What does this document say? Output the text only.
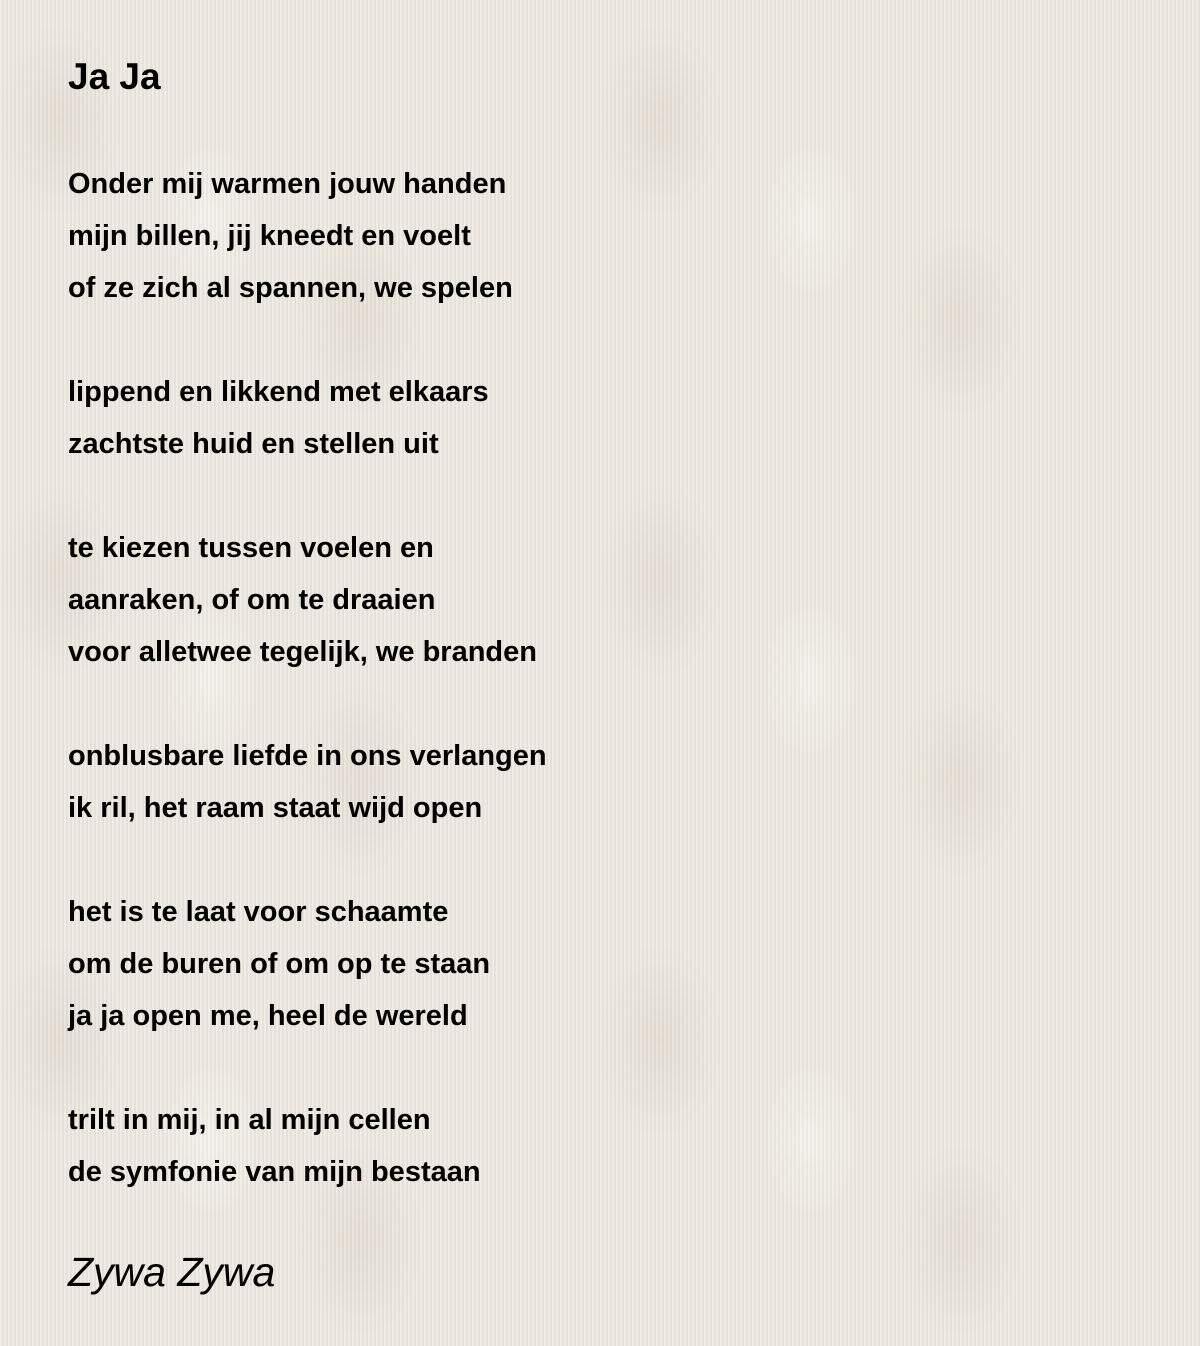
Ja Ja
Onder mij warmen jouw handen
mijn billen, jij kneedt en voelt
of ze zich al spannen, we spelen
lippend en likkend met elkaars
zachtste huid en stellen uit
te kiezen tussen voelen en
aanraken, of om te draaien
voor alletwee tegelijk, we branden
onblusbare liefde in ons verlangen
ik ril, het raam staat wijd open
het is te laat voor schaamte
om de buren of om op te staan
ja ja open me, heel de wereld
trilt in mij, in al mijn cellen
de symfonie van mijn bestaan
Zywa Zywa
